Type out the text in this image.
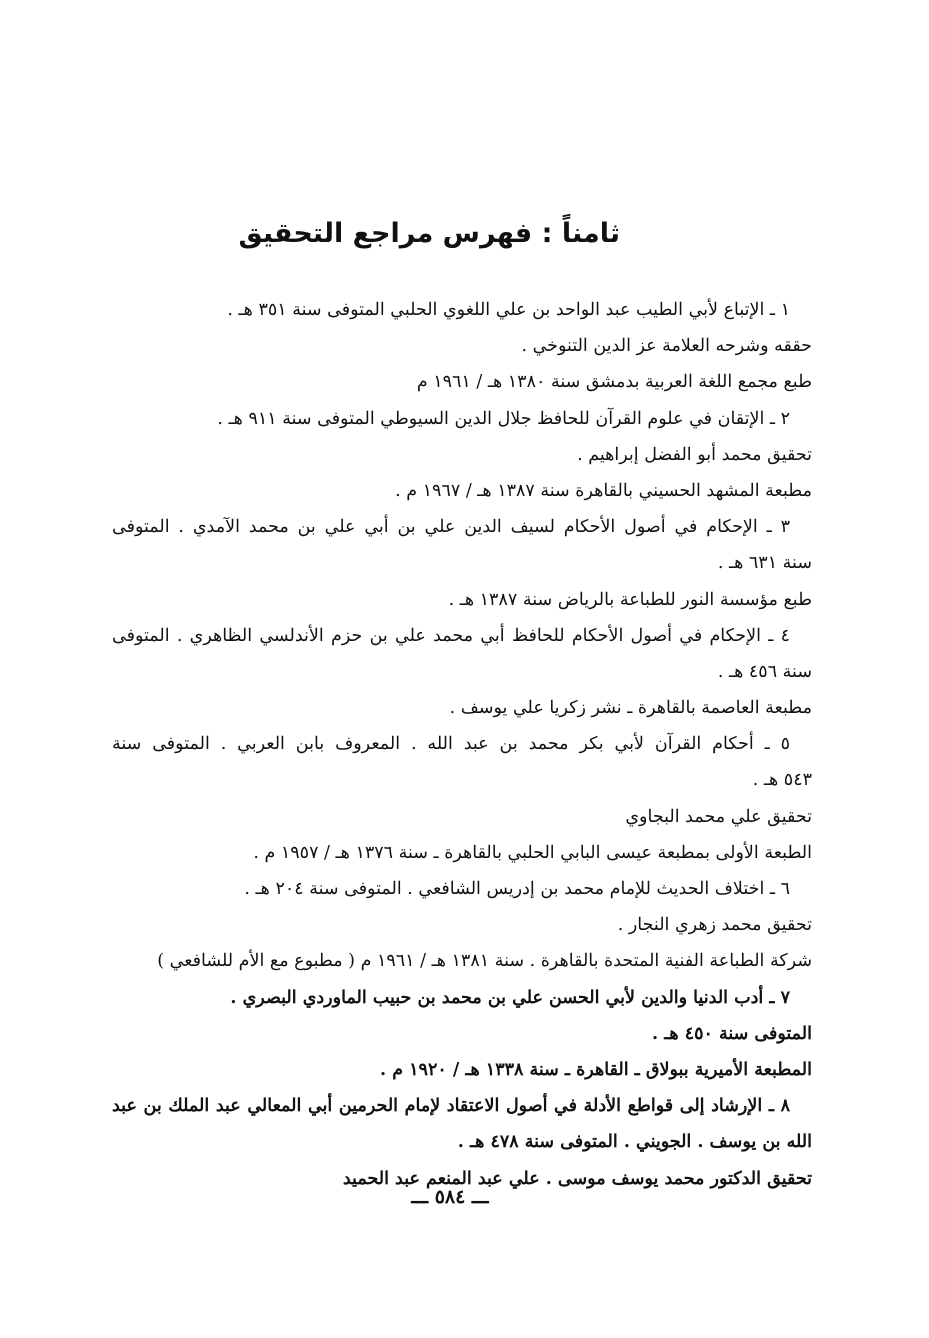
ثامناً : فهرس مراجع التحقيق
١ ـ الإتباع لأبي الطيب عبد الواحد بن علي اللغوي الحلبي المتوفى سنة ٣٥١ هـ .
حققه وشرحه العلامة عز الدين التنوخي .
طبع مجمع اللغة العربية بدمشق سنة ١٣٨٠ هـ / ١٩٦١ م
٢ ـ الإتقان في علوم القرآن للحافظ جلال الدين السيوطي المتوفى سنة ٩١١ هـ .
تحقيق محمد أبو الفضل إبراهيم .
مطبعة المشهد الحسيني بالقاهرة سنة ١٣٨٧ هـ / ١٩٦٧ م .
٣ ـ الإحكام في أصول الأحكام لسيف الدين علي بن أبي علي بن محمد الآمدي . المتوفى
سنة ٦٣١ هـ .
طبع مؤسسة النور للطباعة بالرياض سنة ١٣٨٧ هـ .
٤ ـ الإحكام في أصول الأحكام للحافظ أبي محمد علي بن حزم الأندلسي الظاهري . المتوفى
سنة ٤٥٦ هـ .
مطبعة العاصمة بالقاهرة ـ نشر زكريا علي يوسف .
٥ ـ أحكام القرآن لأبي بكر محمد بن عبد الله . المعروف بابن العربي . المتوفى سنة
٥٤٣ هـ .
تحقيق علي محمد البجاوي
الطبعة الأولى بمطبعة عيسى البابي الحلبي بالقاهرة ـ سنة ١٣٧٦ هـ / ١٩٥٧ م .
٦ ـ اختلاف الحديث للإمام محمد بن إدريس الشافعي . المتوفى سنة ٢٠٤ هـ .
تحقيق محمد زهري النجار .
شركة الطباعة الفنية المتحدة بالقاهرة . سنة ١٣٨١ هـ / ١٩٦١ م ( مطبوع مع الأم للشافعي )
٧ ـ أدب الدنيا والدين لأبي الحسن علي بن محمد بن حبيب الماوردي البصري .
المتوفى سنة ٤٥٠ هـ .
المطبعة الأميرية ببولاق ـ القاهرة ـ سنة ١٣٣٨ هـ / ١٩٢٠ م .
٨ ـ الإرشاد إلى قواطع الأدلة في أصول الاعتقاد لإمام الحرمين أبي المعالي عبد الملك بن عبد
الله بن يوسف . الجويني . المتوفى سنة ٤٧٨ هـ .
تحقيق الدكتور محمد يوسف موسى . علي عبد المنعم عبد الحميد
ـــ ٥٨٤ ـــ
